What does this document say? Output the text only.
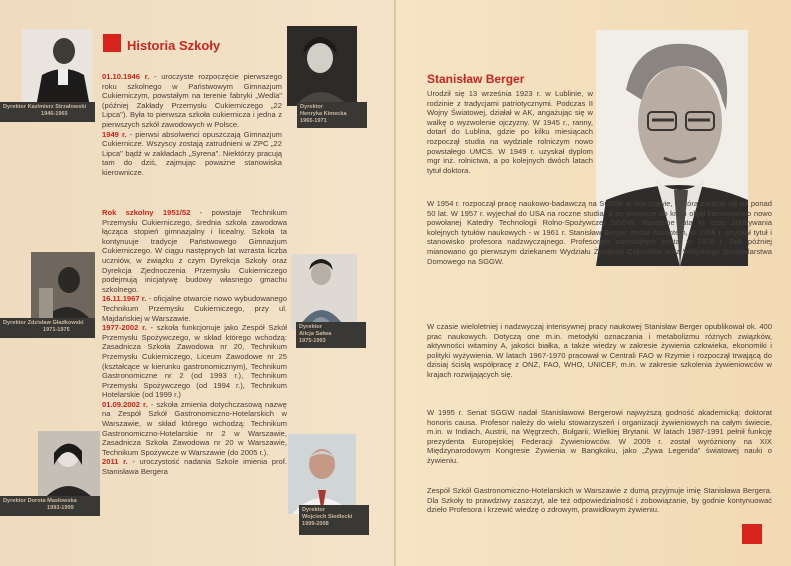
Historia Szkoły
Dyrektor Kazimierz Strzałowski
1946-1965
Dyrektor
Henryka Kimecka
1965-1971
Dyrektor Zdzisław Gładkowski
1971-1975	Dyrektor
Alicja Sałwa
1975-1993
Dyrektor Dorota Masłowska
1993-1999	Dyrektor
Wojciech Siedlecki
1999-2008

01.10.1946 r. - uroczyste rozpoczęcie pierwszego roku szkolnego w Państwowym Gimnazjum Cukierniczym, powstałym na terenie fabryki „Wedla" (później Zakłady Przemysłu Cukierniczego „22 Lipca"). Była to pierwsza szkoła cukiernicza i jedna z pierwszych szkół zawodowych w Polsce.

1949 r. - pierwsi absolwenci opuszczają Gimnazjum Cukiernicze. Wszyscy zostają zatrudnieni w ZPC „22 Lipca" bądź w zakładach „Syrena". Niektórzy pracują tam do dziś, zajmując poważne stanowiska kierownicze.

Rok szkolny 1951/52 - powstaje Technikum Przemysłu Cukierniczego, średnia szkoła zawodowa łącząca stopień gimnazjalny i licealny. Szkoła ta kontynuuje tradycje Państwowego Gimnazjum Cukierniczego. W ciągu następnych lat wzrasta liczba uczniów, w związku z czym Dyrekcja Szkoły oraz Dyrekcja Zjednoczenia Przemysłu Cukierniczego podejmują inicjatywę budowy własnego gmachu szkolnego.

16.11.1967 r. - oficjalne otwarcie nowo wybudowanego Technikum Przemysłu Cukierniczego, przy ul. Majdańskiej w Warszawie.

1977-2002 r. - szkoła funkcjonuje jako Zespół Szkół Przemysłu Spożywczego, w skład którego wchodzą: Zasadnicza Szkoła Zawodowa nr 20, Technikum Przemysłu Cukierniczego, Liceum Zawodowe nr 25 (kształcące w kierunku gastronomicznym), Technikum Gastronomiczne nr 2 (od 1993 r.), Technikum Przemysłu Spożywczego (od 1994 r.), Technikum Hotelarskie (od 1999 r.)

01.09.2002 r. - szkoła zmienia dotychczasową nazwę na Zespół Szkół Gastronomiczno-Hotelarskich w Warszawie, w skład którego wchodzą: Technikum Gastronomiczno-Hotelarskie nr 2 w Warszawie, Zasadnicza Szkoła Zawodowa nr 20 w Warszawie, Technikum Spożywcze w Warszawie (do 2005 r.).

2011 r. - uroczystość nadania Szkole imienia prof. Stanisława Bergera

Stanisław Berger

Urodził się 13 września 1923 r. w Lublinie, w rodzinie z tradycjami patriotycznymi. Podczas II Wojny Światowej, działał w AK, angażując się w walkę o wyzwolenie ojczyzny. W 1945 r., ranny, dotarł do Lublina, gdzie po kilku miesiącach rozpoczął studia na wydziale rolniczym nowo powstałego UMCS. W 1949 r. uzyskał dyplom mgr inż. rolnictwa, a po kolejnych dwóch latach tytuł doktora.

W 1954 r. rozpoczął pracę naukowo-badawczą na SGGW w Warszawie, z którą związał się na ponad 50 lat. W 1957 r. wyjechał do USA na roczne studia, a po powrocie do kraju objął kierownictwo nowo powołanej Katedry Technologii Rolno-Spożywczej SGGW. Następne lata to czas zdobywania kolejnych tytułów naukowych - w 1961 r. Stanisław Berger został docentem, w 1966 r. uzyskał tytuł i stanowisko profesora nadzwyczajnego. Profesorem zwyczajnym został w 1976 r. Rok później mianowano go pierwszym dziekanem Wydziału Żywienia Człowieka oraz Wiejskiego Gospodarstwa Domowego na SGGW.

W czasie wieloletniej i nadzwyczaj intensywnej pracy naukowej Stanisław Berger opublikował ok. 400 prac naukowych. Dotyczą one m.in. metodyki oznaczania i metabolizmu różnych związków, aktywności witaminy A, jakości białka, a także wiedzy w zakresie żywienia człowieka, ekonomiki i polityki wyżywienia. W latach 1967-1970 pracował w Centrali FAO w Rzymie i rozpoczął trwającą do dzisiaj ścisłą współpracę z ONZ, FAO, WHO, UNICEF, m.in. w zakresie szkolenia żywieniowców w krajach rozwijających się.

W 1995 r. Senat SGGW nadał Stanisławowi Bergerowi najwyższą godność akademicką: doktorat honoris causa. Profesor należy do wielu stowarzyszeń i organizacji żywieniowych na całym świecie, m.in. w Indiach, Austrii, na Węgrzech, Bułgarii, Wielkiej Brytanii. W latach 1987-1991 pełnił funkcję prezydenta Europejskiej Federacji Żywieniowców. W 2009 r. został wyróżniony na XIX Międzynarodowym Kongresie Żywienia w Bangkoku, jako „Żywa Legenda" światowej nauki o żywieniu.

Zespół Szkół Gastronomiczno-Hotelarskich w Warszawie z dumą przyjmuje imię Stanisława Bergera. Dla Szkoły to prawdziwy zaszczyt, ale też odpowiedzialność i zobowiązanie, by godnie kontynuować dzieło Profesora i krzewić wiedzę o zdrowym, prawidłowym żywieniu.
